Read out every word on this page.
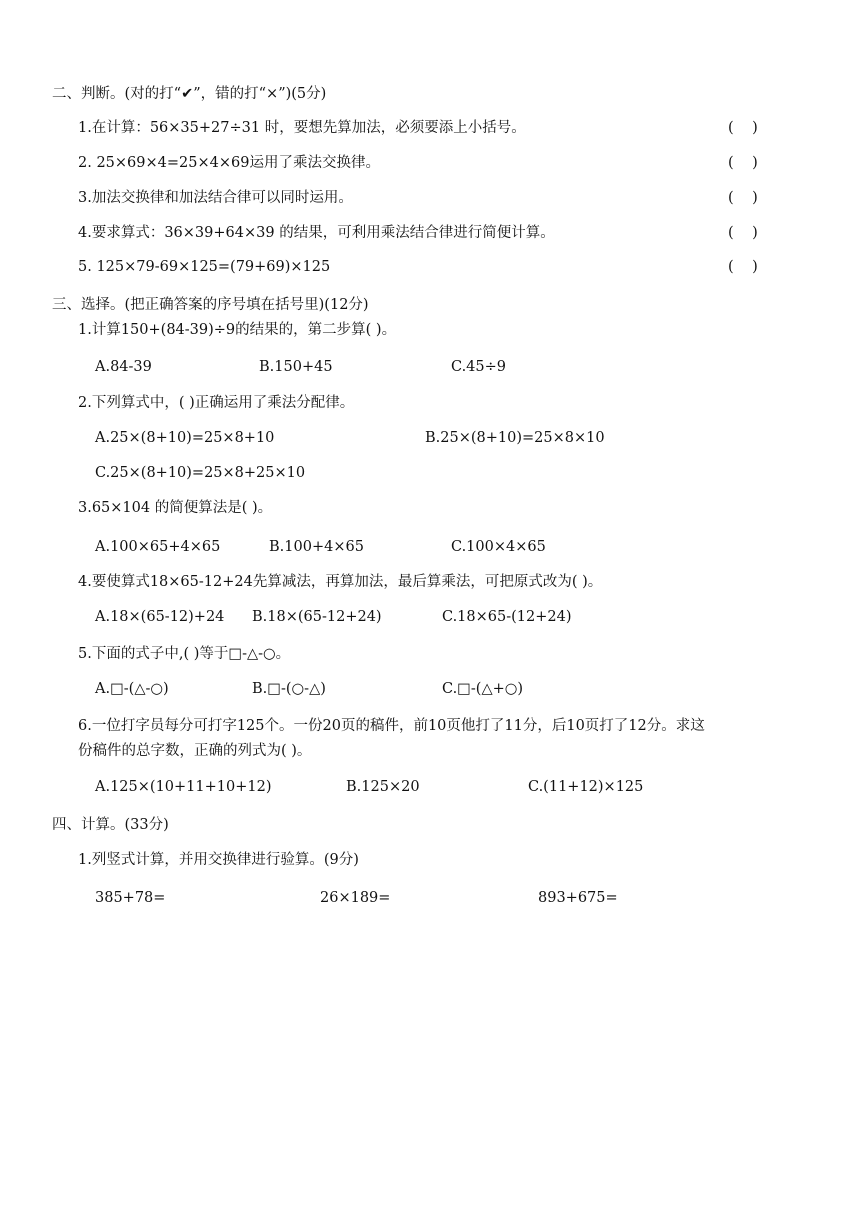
二、判断。(对的打“✔”，错的打“×”)(5分)
1.在计算：56×35+27÷31 时，要想先算加法，必须要添上小括号。	(    )
2. 25×69×4=25×4×69运用了乘法交换律。	(    )
3.加法交换律和加法结合律可以同时运用。	(    )
4.要求算式：36×39+64×39 的结果，可利用乘法结合律进行简便计算。	(    )
5. 125×79-69×125=(79+69)×125	(    )
三、选择。(把正确答案的序号填在括号里)(12分)
1.计算150+(84-39)÷9的结果的，第二步算( )。
A.84-39	B.150+45	C.45÷9
2.下列算式中，( )正确运用了乘法分配律。
A.25×(8+10)=25×8+10	B.25×(8+10)=25×8×10
C.25×(8+10)=25×8+25×10
3.65×104 的简便算法是( )。
A.100×65+4×65	B.100+4×65	C.100×4×65
4.要使算式18×65-12+24先算减法，再算加法，最后算乘法，可把原式改为( )。
A.18×(65-12)+24 B.18×(65-12+24)	C.18×65-(12+24)
5.下面的式子中,( )等于□-△-○。
A.□-(△-○)	B.□-(○-△)	C.□-(△+○)
6.一位打字员每分可打字125个。一份20页的稿件，前10页他打了11分，后10页打了12分。求这
份稿件的总字数，正确的列式为( )。
A.125×(10+11+10+12)	B.125×20	C.(11+12)×125
四、计算。(33分)
1.列竖式计算，并用交换律进行验算。(9分)
385+78=	26×189=	893+675=
